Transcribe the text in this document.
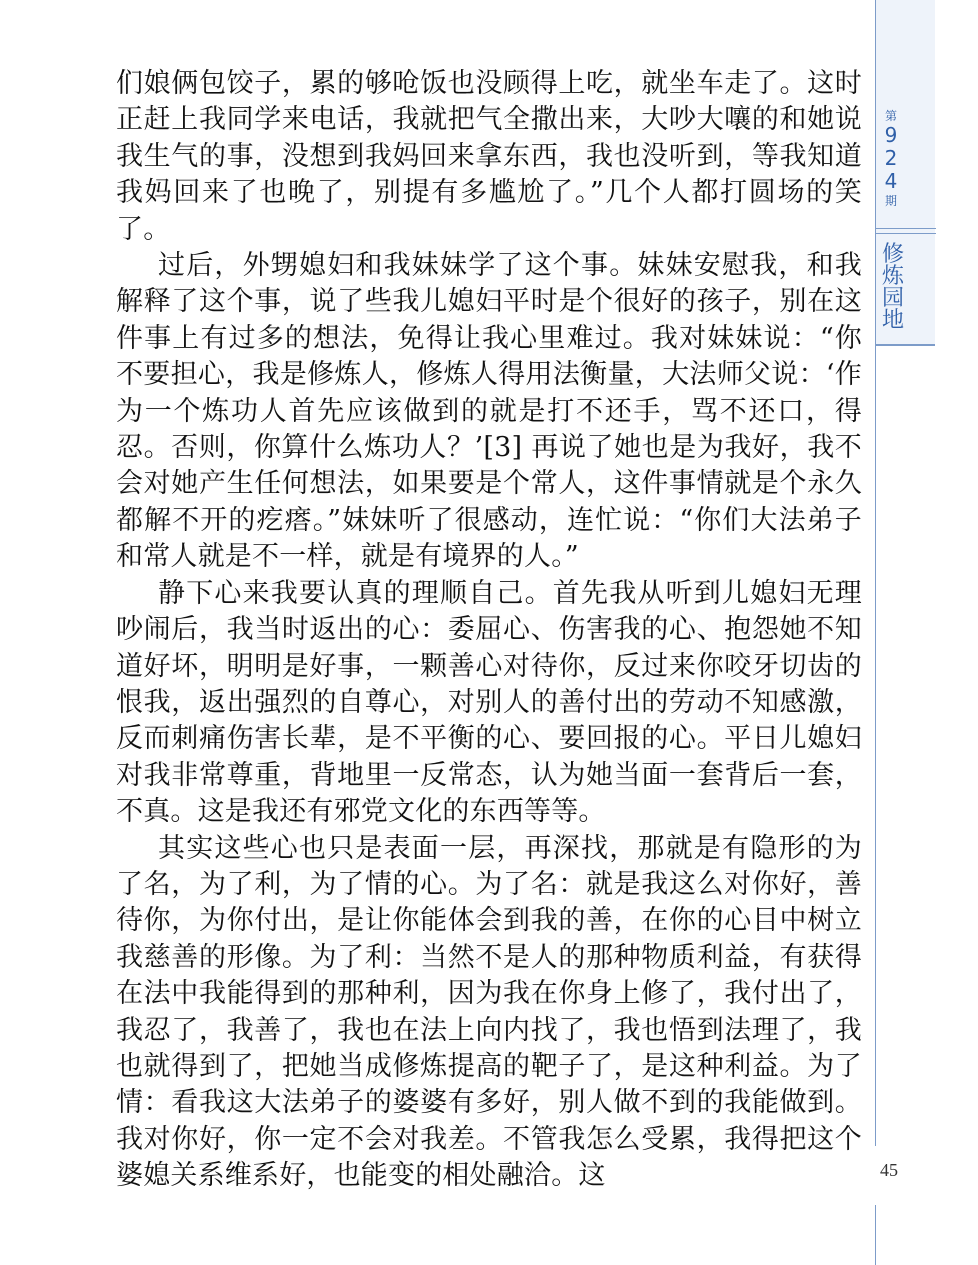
们娘俩包饺子，累的够呛饭也没顾得上吃，就坐车走了。这时正赶上我同学来电话，我就把气全撒出来，大吵大嚷的和她说我生气的事，没想到我妈回来拿东西，我也没听到，等我知道我妈回来了也晚了，别提有多尴尬了。”几个人都打圆场的笑了。

过后，外甥媳妇和我妹妹学了这个事。妹妹安慰我，和我解释了这个事，说了些我儿媳妇平时是个很好的孩子，别在这件事上有过多的想法，免得让我心里难过。我对妹妹说：“你不要担心，我是修炼人，修炼人得用法衡量，大法师父说：‘作为一个炼功人首先应该做到的就是打不还手，骂不还口，得忍。否则，你算什么炼功人？’[3] 再说了她也是为我好，我不会对她产生任何想法，如果要是个常人，这件事情就是个永久都解不开的疙瘩。”妹妹听了很感动，连忙说：“你们大法弟子和常人就是不一样，就是有境界的人。”

静下心来我要认真的理顺自己。首先我从听到儿媳妇无理吵闹后，我当时返出的心：委屈心、伤害我的心、抱怨她不知道好坏，明明是好事，一颗善心对待你，反过来你咬牙切齿的恨我，返出强烈的自尊心，对别人的善付出的劳动不知感激，反而刺痛伤害长辈，是不平衡的心、要回报的心。平日儿媳妇对我非常尊重，背地里一反常态，认为她当面一套背后一套，不真。这是我还有邪党文化的东西等等。

其实这些心也只是表面一层，再深找，那就是有隐形的为了名，为了利，为了情的心。为了名：就是我这么对你好，善待你，为你付出，是让你能体会到我的善，在你的心目中树立我慈善的形像。为了利：当然不是人的那种物质利益，有获得在法中我能得到的那种利，因为我在你身上修了，我付出了，我忍了，我善了，我也在法上向内找了，我也悟到法理了，我也就得到了，把她当成修炼提高的靶子了，是这种利益。为了情：看我这大法弟子的婆婆有多好，别人做不到的我能做到。我对你好，你一定不会对我差。不管我怎么受累，我得把这个婆媳关系维系好，也能变的相处融洽。这

第
9
2
4
期
修
炼
园
地
45
